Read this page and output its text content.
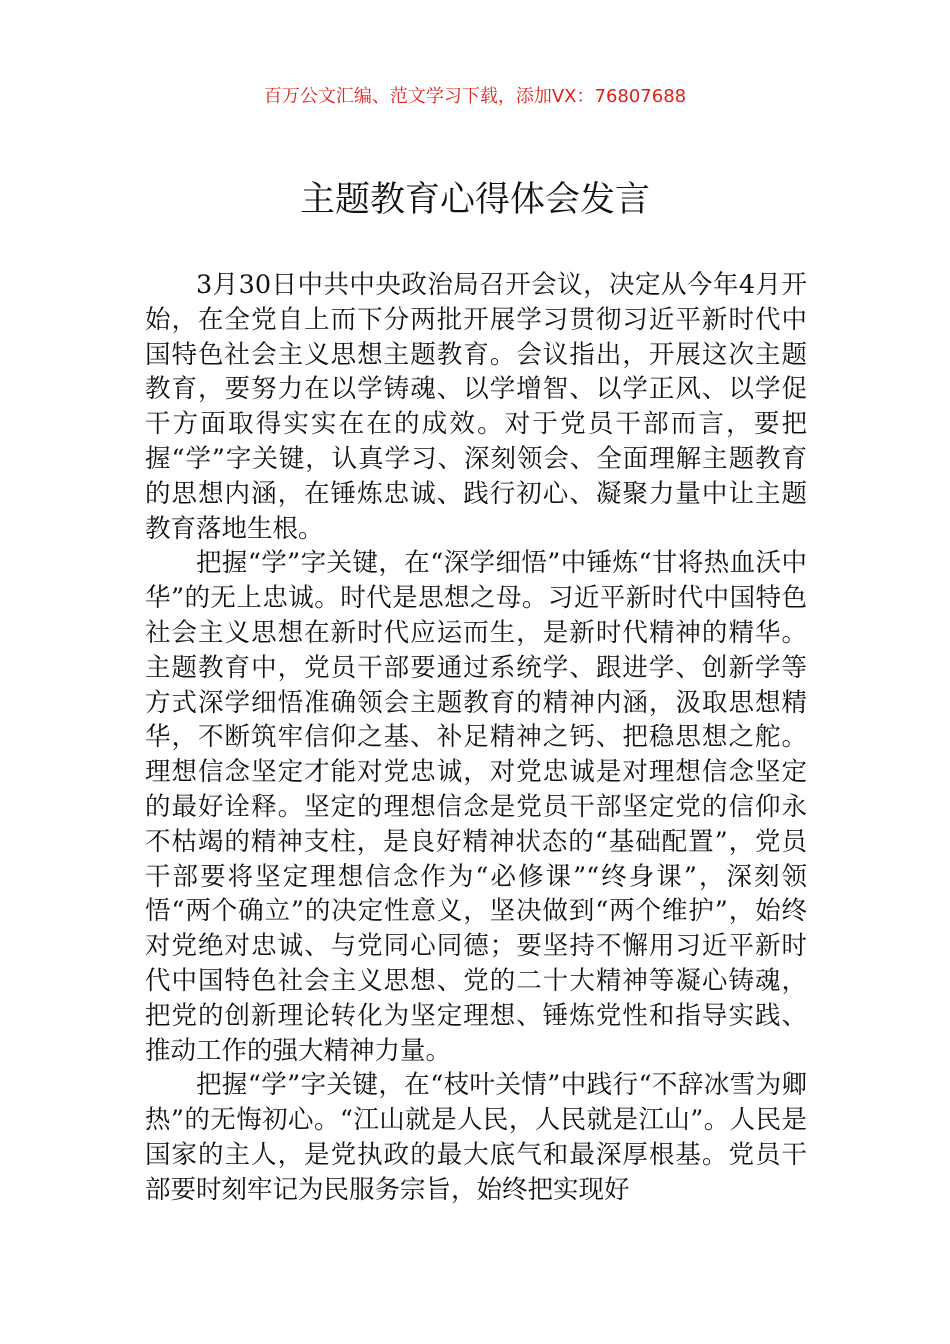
百万公文汇编、范文学习下载，添加VX：76807688
主题教育心得体会发言

3月30日中共中央政治局召开会议，决定从今年4月开始，在全党自上而下分两批开展学习贯彻习近平新时代中国特色社会主义思想主题教育。会议指出，开展这次主题教育，要努力在以学铸魂、以学增智、以学正风、以学促干方面取得实实在在的成效。对于党员干部而言，要把握“学”字关键，认真学习、深刻领会、全面理解主题教育的思想内涵，在锤炼忠诚、践行初心、凝聚力量中让主题教育落地生根。

把握“学”字关键，在“深学细悟”中锤炼“甘将热血沃中华”的无上忠诚。时代是思想之母。习近平新时代中国特色社会主义思想在新时代应运而生，是新时代精神的精华。主题教育中，党员干部要通过系统学、跟进学、创新学等方式深学细悟准确领会主题教育的精神内涵，汲取思想精华，不断筑牢信仰之基、补足精神之钙、把稳思想之舵。理想信念坚定才能对党忠诚，对党忠诚是对理想信念坚定的最好诠释。坚定的理想信念是党员干部坚定党的信仰永不枯竭的精神支柱，是良好精神状态的“基础配置”，党员干部要将坚定理想信念作为“必修课”“终身课”，深刻领悟“两个确立”的决定性意义，坚决做到“两个维护”，始终对党绝对忠诚、与党同心同德；要坚持不懈用习近平新时代中国特色社会主义思想、党的二十大精神等凝心铸魂，把党的创新理论转化为坚定理想、锤炼党性和指导实践、推动工作的强大精神力量。

把握“学”字关键，在“枝叶关情”中践行“不辞冰雪为卿热”的无悔初心。“江山就是人民，人民就是江山”。人民是国家的主人，是党执政的最大底气和最深厚根基。党员干部要时刻牢记为民服务宗旨，始终把实现好
